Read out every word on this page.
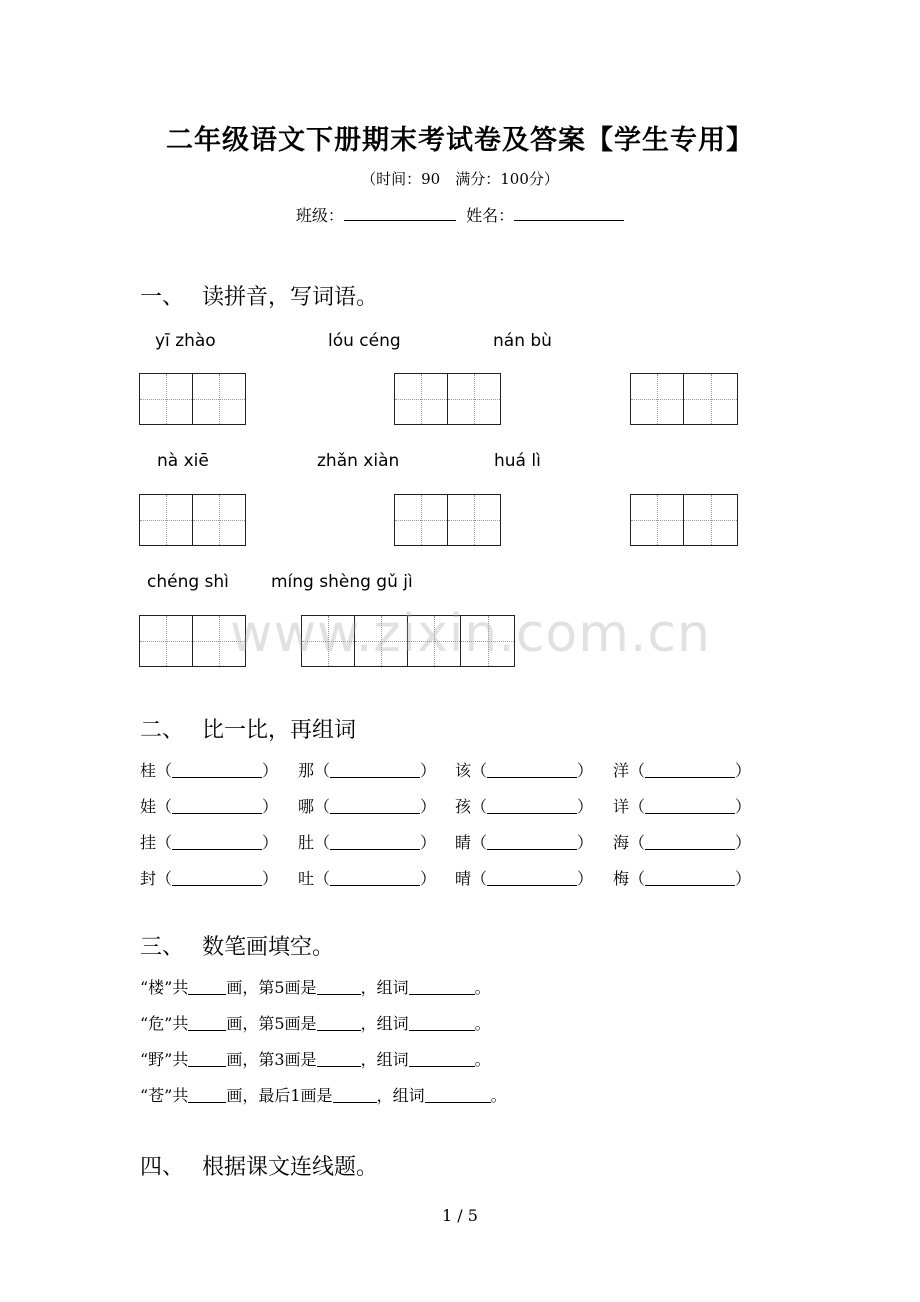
二年级语文下册期末考试卷及答案【学生专用】
（时间：90　满分：100分）
班级：	姓名：
一、 读拼音，写词语。
yī zhào	lóu céng	nán bù
nà xiē	zhǎn xiàn	huá lì
chéng shì míng shèng gǔ jì
www.zixin.com.cn
二、 比一比，再组词
桂（	） 那（	） 该（	） 洋（	）
娃（	） 哪（	） 孩（	） 详（	）
挂（	） 肚（	） 睛（	） 海（	）
封（	） 吐（	） 晴（	） 梅（	）
三、 数笔画填空。
“楼”共 画，第5画是	，组词	。
“危”共 画，第5画是	，组词	。
“野”共 画，第3画是	，组词	。
“苍”共 画，最后1画是	，组词	。
四、 根据课文连线题。
1 / 5
